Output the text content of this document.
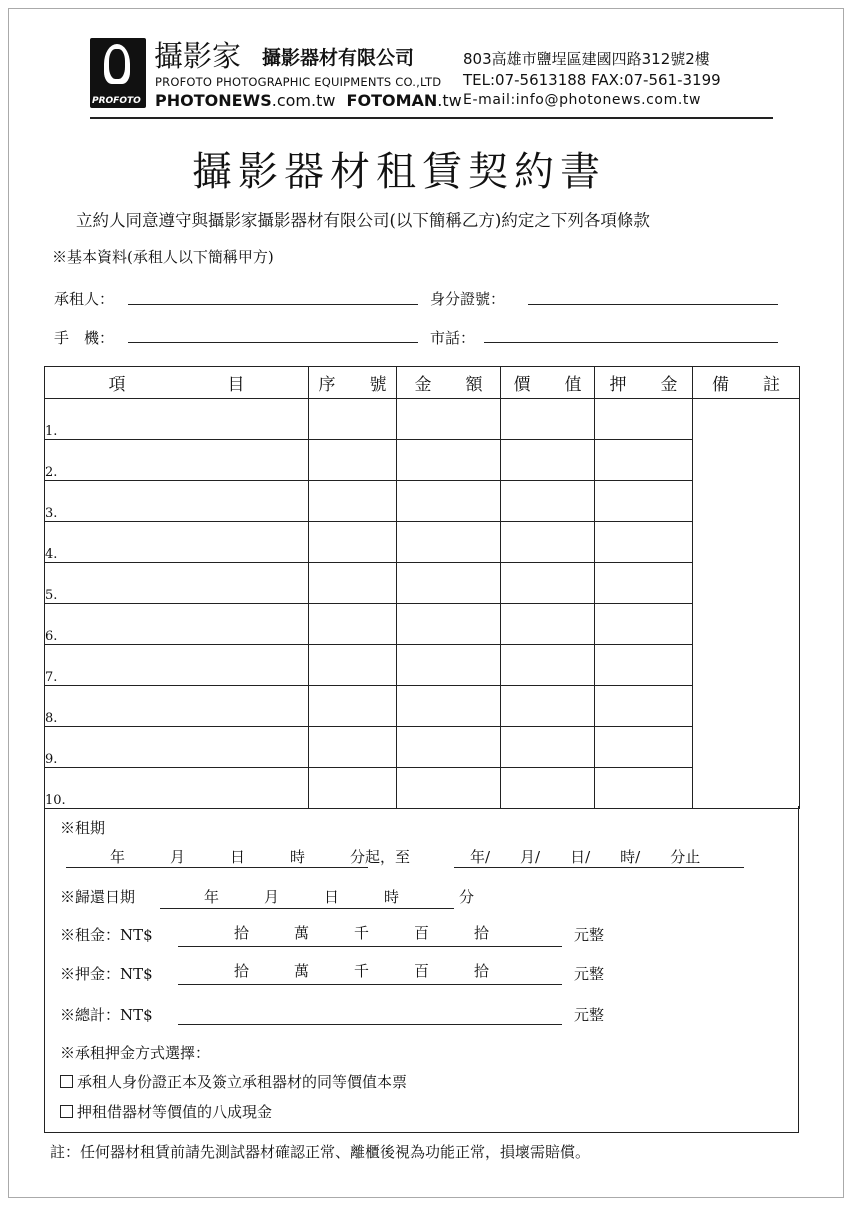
PROFOTO
攝影家 攝影器材有限公司
PROFOTO PHOTOGRAPHIC EQUIPMENTS CO.,LTD
PHOTONEWS.com.tw FOTOMAN.tw
803高雄市鹽埕區建國四路312號2樓
TEL:07-5613188 FAX:07-561-3199
E-mail:info@photonews.com.tw
攝影器材租賃契約書
立約人同意遵守與攝影家攝影器材有限公司(以下簡稱乙方)約定之下列各項條款
※基本資料(承租人以下簡稱甲方)
承租人：	身分證號：
手　機：	市話：
項　　　　　　目	序　　號	金　　額	價　　值	押　　金	備　　註
1.					
2.					
3.					
4.					
5.					
6.					
7.					
8.					
9.					
10.					
※租期
年　　　月　　　日　　　時　　　分起，至　　　　年/　　月/　　日/　　時/　　分止
※歸還日期	年　　　月　　　日　　　時　　　　分
※租金：NT$	拾　　　萬　　　千　　　百　　　拾	元整
※押金：NT$	拾　　　萬　　　千　　　百　　　拾	元整
※總計：NT$	元整
※承租押金方式選擇：
承租人身份證正本及簽立承租器材的同等價值本票
押租借器材等價值的八成現金
註：任何器材租賃前請先測試器材確認正常、離櫃後視為功能正常，損壞需賠償。
